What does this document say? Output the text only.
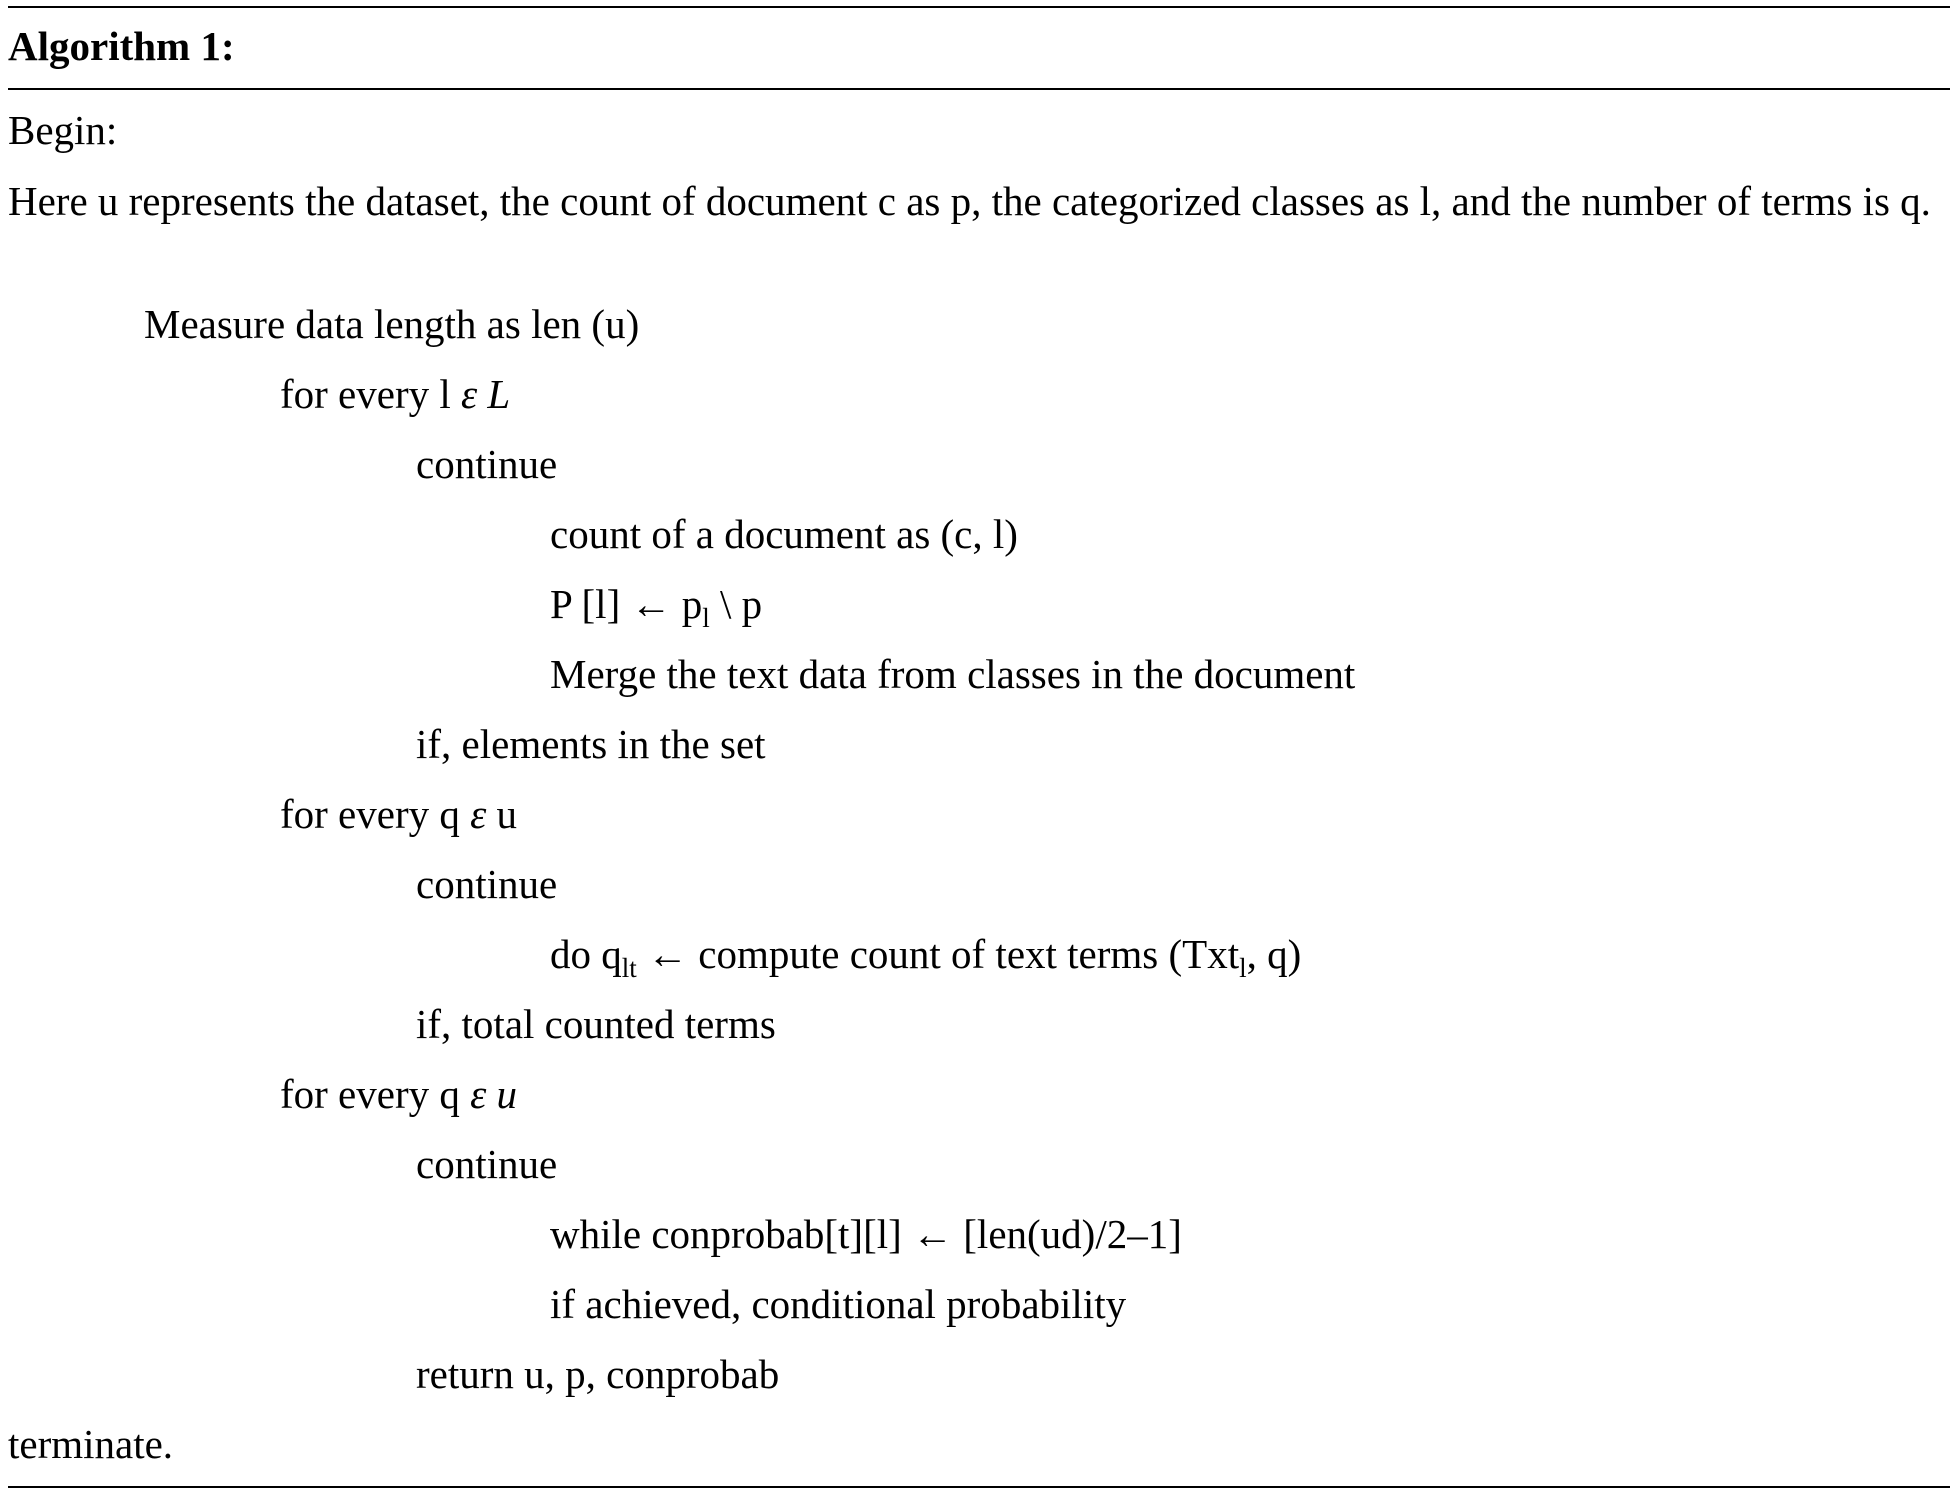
Algorithm 1:
Begin:
Here u represents the dataset, the count of document c as p, the categorized classes as l, and the number of terms is q.
Measure data length as len (u)
for every l ε L
continue
count of a document as (c, l)
P [l] ← $p_l$ \ p
Merge the text data from classes in the document
if, elements in the set
for every q ε u
continue
do $q_{lt}$ ← compute count of text terms (Txt$_l$, q)
if, total counted terms
for every q ε u
continue
while conprobab[t][l] ← [len(ud)/2–1]
if achieved, conditional probability
return u, p, conprobab
terminate.
